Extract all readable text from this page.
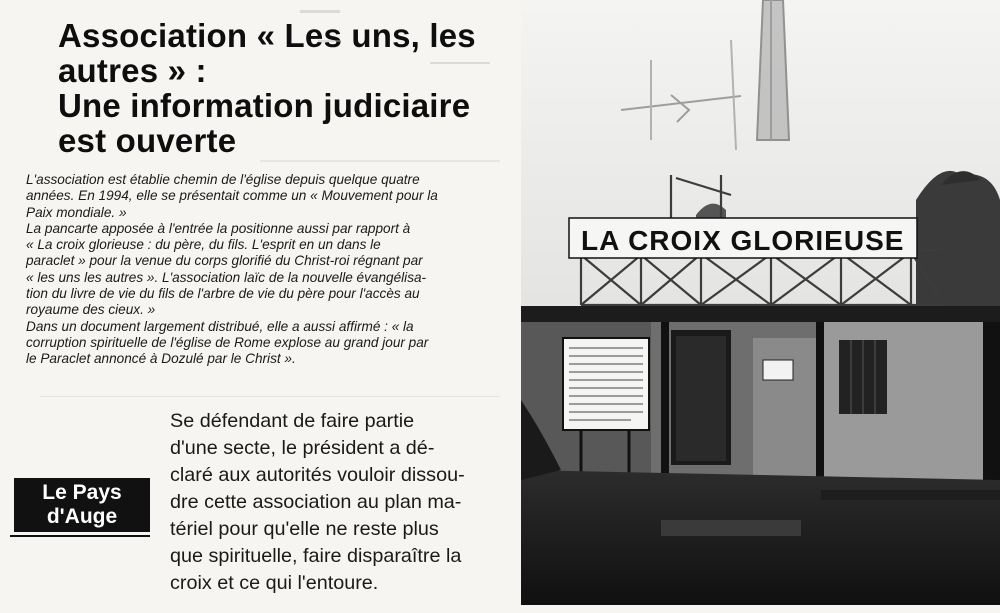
Association « Les uns, les
autres » :
Une information judiciaire
est ouverte
L'association est établie chemin de l'église depuis quelque quatre
années. En 1994, elle se présentait comme un « Mouvement pour la
Paix mondiale. »
La pancarte apposée à l'entrée la positionne aussi par rapport à
« La croix glorieuse : du père, du fils. L'esprit en un dans le
paraclet » pour la venue du corps glorifié du Christ-roi régnant par
« les uns les autres ». L'association laïc de la nouvelle évangélisa-
tion du livre de vie du fils de l'arbre de vie du père pour l'accès au
royaume des cieux. »
Dans un document largement distribué, elle a aussi affirmé : « la
corruption spirituelle de l'église de Rome explose au grand jour par
le Paraclet annoncé à Dozulé par le Christ ».
Le Pays
d'Auge
Se défendant de faire partie
d'une secte, le président a dé-
claré aux autorités vouloir dissou-
dre cette association au plan ma-
tériel pour qu'elle ne reste plus
que spirituelle, faire disparaître la
croix et ce qui l'entoure.
LA CROIX GLORIEUSE
